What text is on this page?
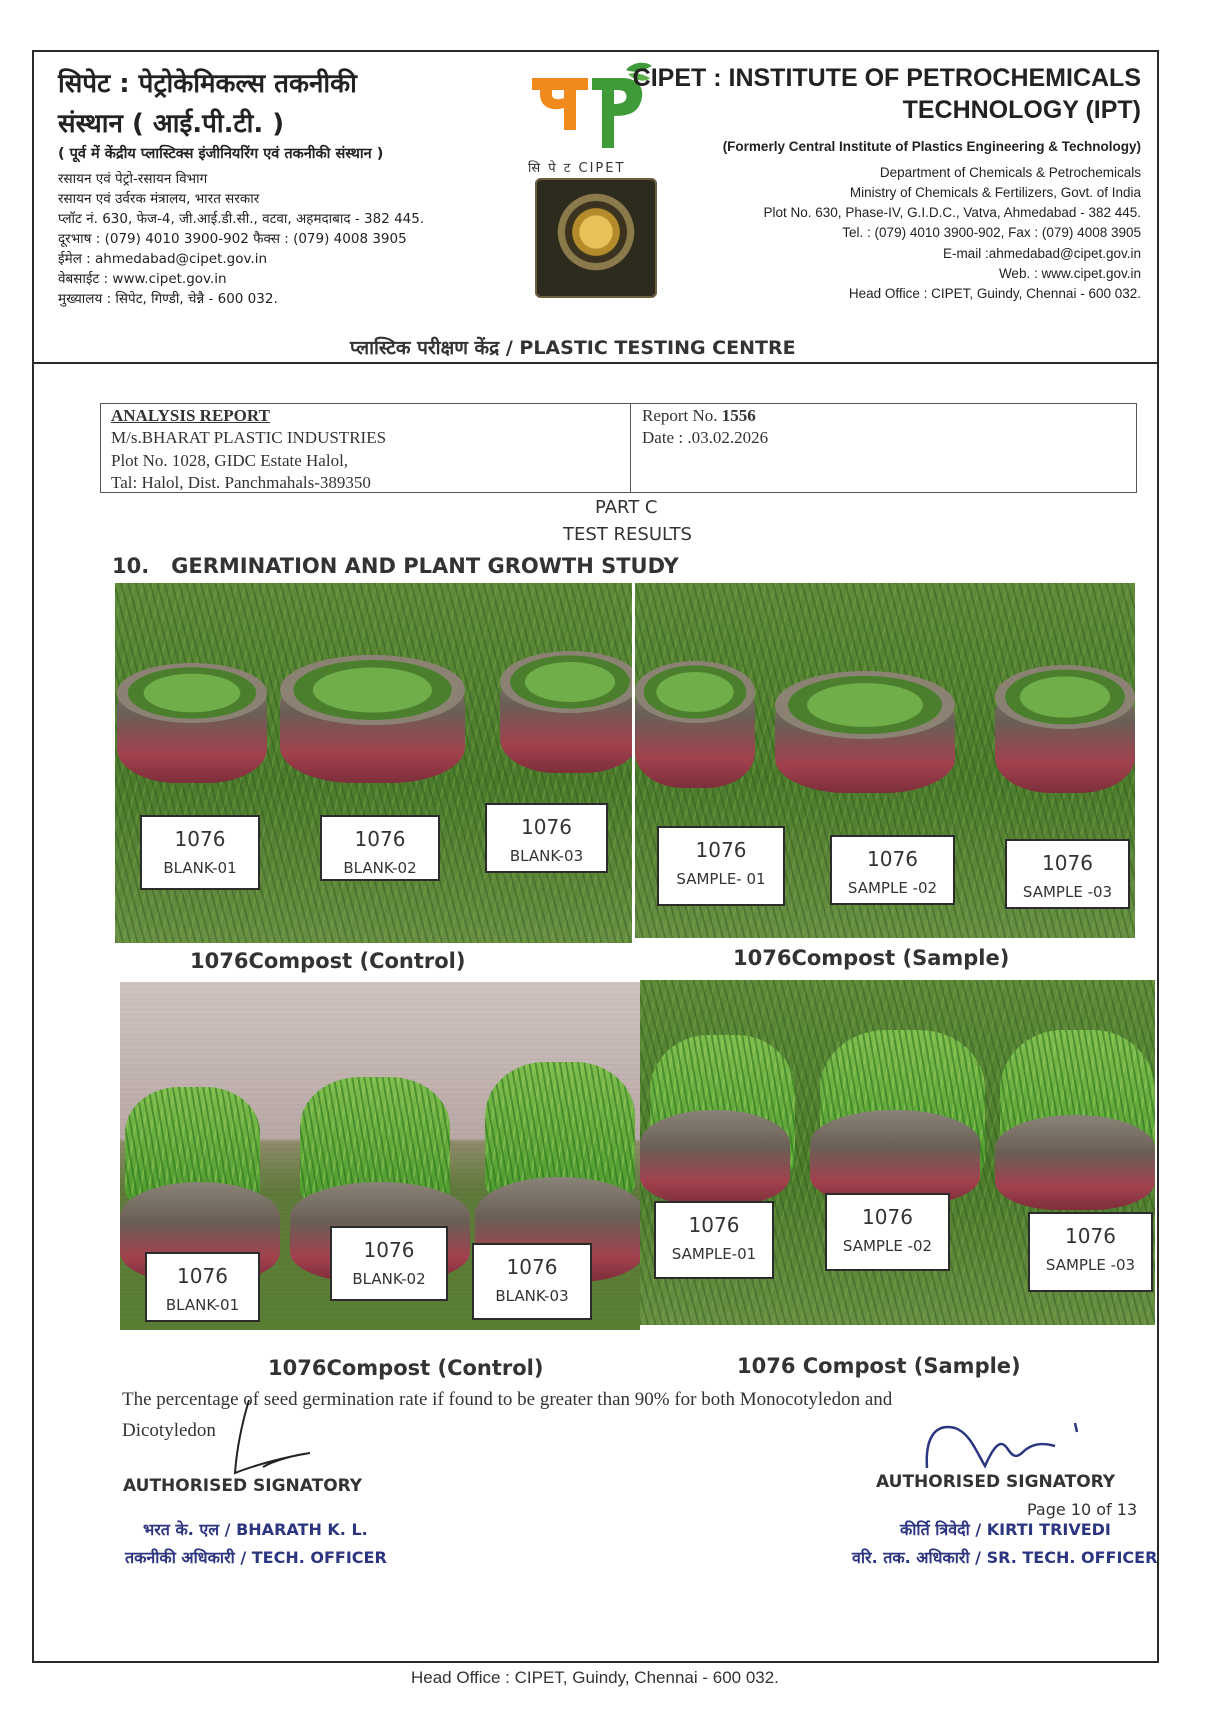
सिपेट : पेट्रोकेमिकल्स तकनीकी
संस्थान ( आई.पी.टी. )
( पूर्व में केंद्रीय प्लास्टिक्स इंजीनियरिंग एवं तकनीकी संस्थान )
रसायन एवं पेट्रो-रसायन विभाग
रसायन एवं उर्वरक मंत्रालय, भारत सरकार
प्लॉट नं. 630, फेज-4, जी.आई.डी.सी., वटवा, अहमदाबाद - 382 445.
दूरभाष : (079) 4010 3900-902 फैक्स : (079) 4008 3905
ईमेल : ahmedabad@cipet.gov.in
वेबसाईट : www.cipet.gov.in
मुख्यालय : सिपेट, गिण्डी, चेन्नै - 600 032.
सि पे ट CIPET
CIPET : INSTITUTE OF PETROCHEMICALS
TECHNOLOGY (IPT)
(Formerly Central Institute of Plastics Engineering & Technology)
Department of Chemicals & Petrochemicals
Ministry of Chemicals & Fertilizers, Govt. of India
Plot No. 630, Phase-IV, G.I.D.C., Vatva, Ahmedabad - 382 445.
Tel. : (079) 4010 3900-902, Fax : (079) 4008 3905
E-mail :ahmedabad@cipet.gov.in
Web. : www.cipet.gov.in
Head Office : CIPET, Guindy, Chennai - 600 032.
प्लास्टिक परीक्षण केंद्र / PLASTIC TESTING CENTRE
ANALYSIS REPORT
M/s.BHARAT PLASTIC INDUSTRIES
Plot No. 1028, GIDC Estate Halol,
Tal: Halol, Dist. Panchmahals-389350
Report No. 1556
Date : .03.02.2026
PART C
TEST RESULTS
10.   GERMINATION AND PLANT GROWTH STUDY
1076
BLANK-01
1076
BLANK-02
1076
BLANK-03	1076
SAMPLE- 01
1076
SAMPLE -02
1076
SAMPLE -03
1076Compost (Control)	1076Compost (Sample)
1076
BLANK-01
1076
BLANK-02	1076
BLANK-03
1076
SAMPLE-01
1076
SAMPLE -02	1076
SAMPLE -03
1076Compost (Control)	1076 Compost (Sample)
The percentage of seed germination rate if found to be greater than 90% for both Monocotyledon and
Dicotyledon
AUTHORISED SIGNATORY
भरत के. एल / BHARATH K. L.
तकनीकी अधिकारी / TECH. OFFICER
AUTHORISED SIGNATORY
Page 10 of 13
कीर्ति त्रिवेदी / KIRTI TRIVEDI
वरि. तक. अधिकारी / SR. TECH. OFFICER
Head Office : CIPET, Guindy, Chennai - 600 032.
